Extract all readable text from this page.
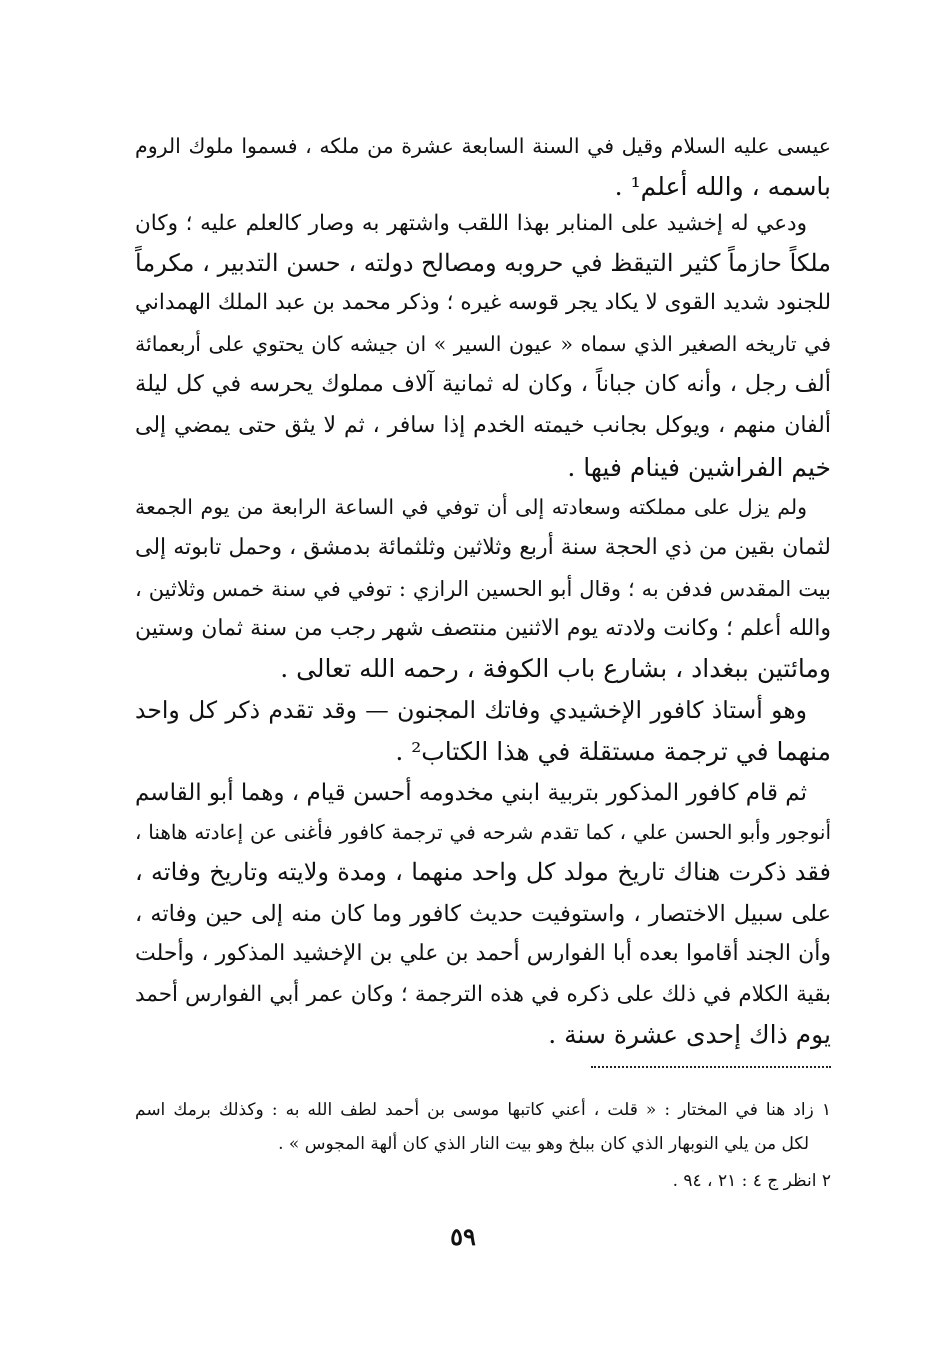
عيسى عليه السلام وقيل في السنة السابعة عشرة من ملكه ، فسموا ملوك الروم
باسمه ، والله أعلم¹ .
ودعي له إخشيد على المنابر بهذا اللقب واشتهر به وصار كالعلم عليه ؛ وكان
ملكاً حازماً كثير التيقظ في حروبه ومصالح دولته ، حسن التدبير ، مكرماً
للجنود شديد القوى لا يكاد يجر قوسه غيره ؛ وذكر محمد بن عبد الملك الهمداني
في تاريخه الصغير الذي سماه « عيون السير » ان جيشه كان يحتوي على أربعمائة
ألف رجل ، وأنه كان جباناً ، وكان له ثمانية آلاف مملوك يحرسه في كل ليلة
ألفان منهم ، ويوكل بجانب خيمته الخدم إذا سافر ، ثم لا يثق حتى يمضي إلى
خيم الفراشين فينام فيها .
ولم يزل على مملكته وسعادته إلى أن توفي في الساعة الرابعة من يوم الجمعة
لثمان بقين من ذي الحجة سنة أربع وثلاثين وثلثمائة بدمشق ، وحمل تابوته إلى
بيت المقدس فدفن به ؛ وقال أبو الحسين الرازي : توفي في سنة خمس وثلاثين ،
والله أعلم ؛ وكانت ولادته يوم الاثنين منتصف شهر رجب من سنة ثمان وستين
ومائتين ببغداد ، بشارع باب الكوفة ، رحمه الله تعالى .
وهو أستاذ كافور الإخشيدي وفاتك المجنون — وقد تقدم ذكر كل واحد
منهما في ترجمة مستقلة في هذا الكتاب² .
ثم قام كافور المذكور بتربية ابني مخدومه أحسن قيام ، وهما أبو القاسم
أنوجور وأبو الحسن علي ، كما تقدم شرحه في ترجمة كافور فأغنى عن إعادته هاهنا ،
فقد ذكرت هناك تاريخ مولد كل واحد منهما ، ومدة ولايته وتاريخ وفاته ،
على سبيل الاختصار ، واستوفيت حديث كافور وما كان منه إلى حين وفاته ،
وأن الجند أقاموا بعده أبا الفوارس أحمد بن علي بن الإخشيد المذكور ، وأحلت
بقية الكلام في ذلك على ذكره في هذه الترجمة ؛ وكان عمر أبي الفوارس أحمد
يوم ذاك إحدى عشرة سنة .
١ زاد هنا في المختار : « قلت ، أعني كاتبها موسى بن أحمد لطف الله به : وكذلك برمك اسم
لكل من يلي النوبهار الذي كان ببلخ وهو بيت النار الذي كان ألهة المجوس » .
٢ انظر ج ٤ : ٢١ ، ٩٤ .
٥٩
